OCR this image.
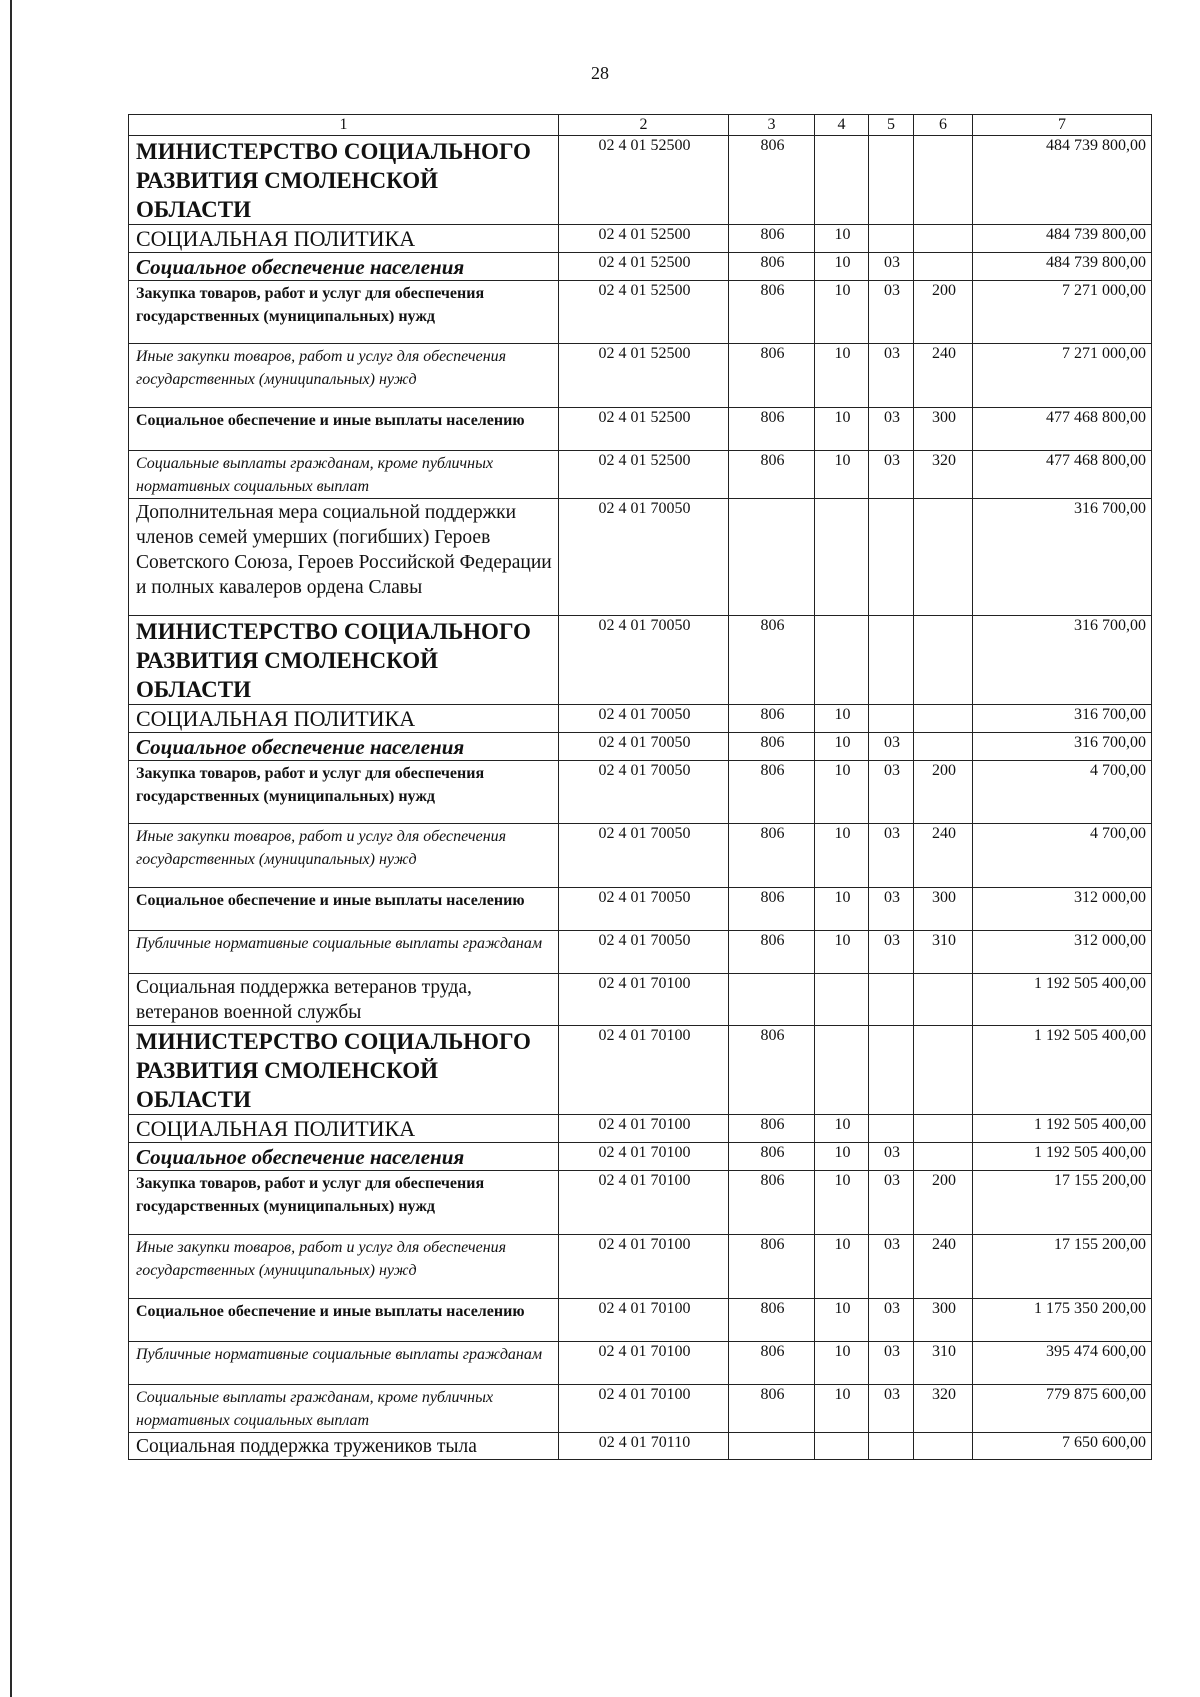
28
1	2	3	4	5	6	7

МИНИСТЕРСТВО СОЦИАЛЬНОГО РАЗВИТИЯ СМОЛЕНСКОЙ ОБЛАСТИ	02 4 01 52500	806				484 739 800,00

СОЦИАЛЬНАЯ ПОЛИТИКА	02 4 01 52500	806	10			484 739 800,00

Социальное обеспечение населения	02 4 01 52500	806	10	03		484 739 800,00

Закупка товаров, работ и услуг для обеспечения государственных (муниципальных) нужд	02 4 01 52500	806	10	03	200	7 271 000,00

Иные закупки товаров, работ и услуг для обеспечения государственных (муниципальных) нужд	02 4 01 52500	806	10	03	240	7 271 000,00

Социальное обеспечение и иные выплаты населению	02 4 01 52500	806	10	03	300	477 468 800,00

Социальные выплаты гражданам, кроме публичных нормативных социальных выплат	02 4 01 52500	806	10	03	320	477 468 800,00

Дополнительная мера социальной поддержки членов семей умерших (погибших) Героев Советского Союза, Героев Российской Федерации и полных кавалеров ордена Славы	02 4 01 70050					316 700,00

МИНИСТЕРСТВО СОЦИАЛЬНОГО РАЗВИТИЯ СМОЛЕНСКОЙ ОБЛАСТИ	02 4 01 70050	806				316 700,00

СОЦИАЛЬНАЯ ПОЛИТИКА	02 4 01 70050	806	10			316 700,00

Социальное обеспечение населения	02 4 01 70050	806	10	03		316 700,00

Закупка товаров, работ и услуг для обеспечения государственных (муниципальных) нужд	02 4 01 70050	806	10	03	200	4 700,00

Иные закупки товаров, работ и услуг для обеспечения государственных (муниципальных) нужд	02 4 01 70050	806	10	03	240	4 700,00

Социальное обеспечение и иные выплаты населению	02 4 01 70050	806	10	03	300	312 000,00

Публичные нормативные социальные выплаты гражданам	02 4 01 70050	806	10	03	310	312 000,00

Социальная поддержка ветеранов труда, ветеранов военной службы	02 4 01 70100					1 192 505 400,00

МИНИСТЕРСТВО СОЦИАЛЬНОГО РАЗВИТИЯ СМОЛЕНСКОЙ ОБЛАСТИ	02 4 01 70100	806				1 192 505 400,00

СОЦИАЛЬНАЯ ПОЛИТИКА	02 4 01 70100	806	10			1 192 505 400,00

Социальное обеспечение населения	02 4 01 70100	806	10	03		1 192 505 400,00

Закупка товаров, работ и услуг для обеспечения государственных (муниципальных) нужд	02 4 01 70100	806	10	03	200	17 155 200,00

Иные закупки товаров, работ и услуг для обеспечения государственных (муниципальных) нужд	02 4 01 70100	806	10	03	240	17 155 200,00

Социальное обеспечение и иные выплаты населению	02 4 01 70100	806	10	03	300	1 175 350 200,00

Публичные нормативные социальные выплаты гражданам	02 4 01 70100	806	10	03	310	395 474 600,00

Социальные выплаты гражданам, кроме публичных нормативных социальных выплат	02 4 01 70100	806	10	03	320	779 875 600,00

Социальная поддержка тружеников тыла	02 4 01 70110					7 650 600,00
